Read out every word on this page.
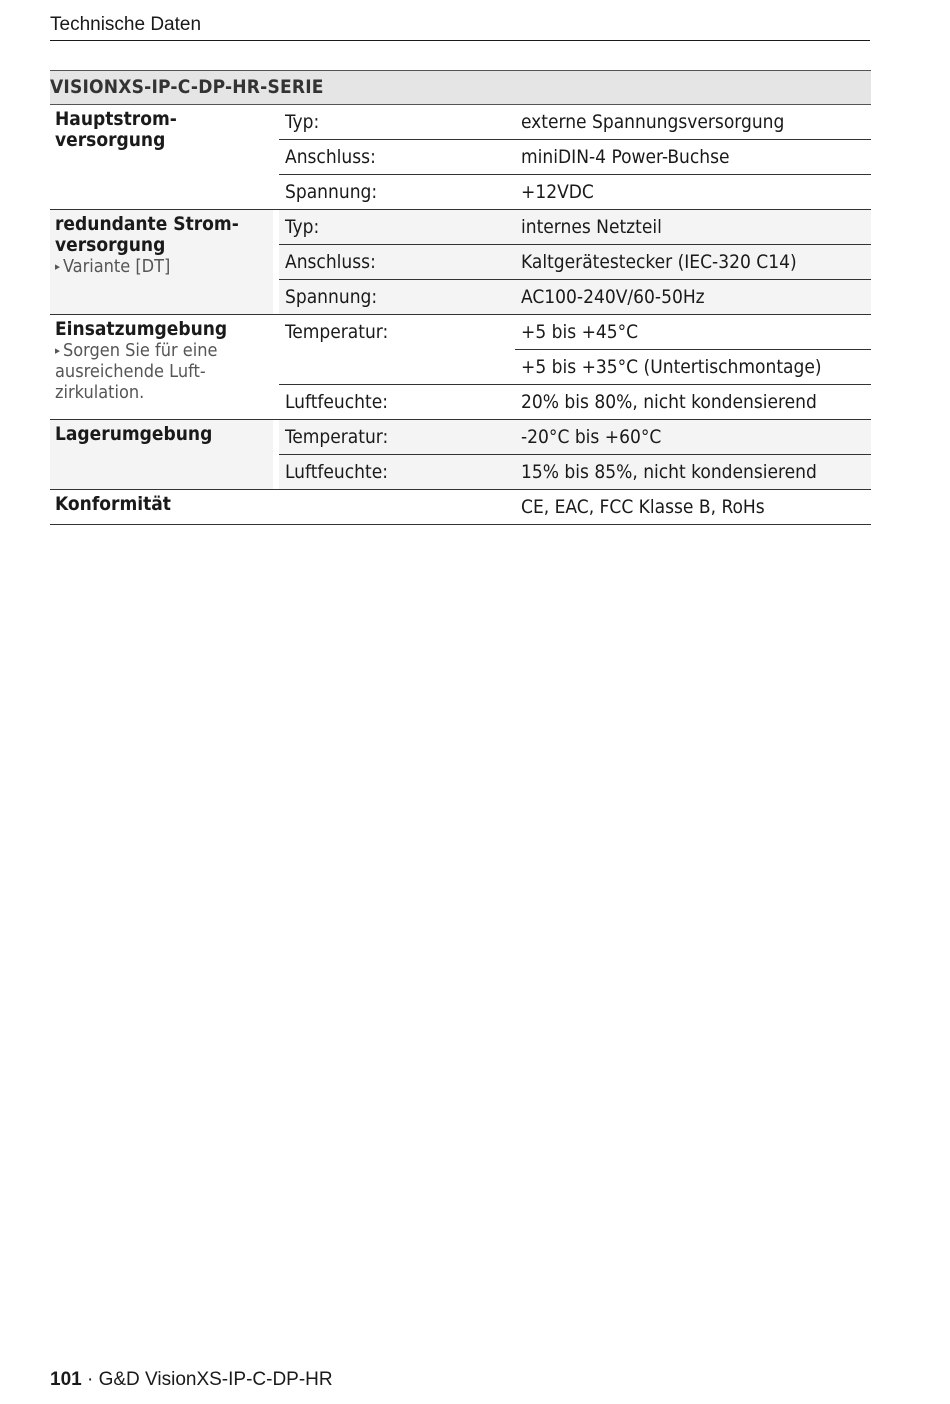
Technische Daten
VISIONXS-IP-C-DP-HR-SERIE			

Hauptstrom-
versorgung		Typ:	externe Spannungsversorgung
		Anschluss:	miniDIN-4 Power-Buchse
		Spannung:	+12VDC

redundante Strom-
versorgung
▸ Variante [DT]		Typ:	internes Netzteil
		Anschluss:	Kaltgerätestecker (IEC-320 C14)
		Spannung:	AC100-240V/60-50Hz

Einsatzumgebung
▸ Sorgen Sie für eine ausreichende Luft-
zirkulation.		Temperatur:	+5 bis +45°C
			+5 bis +35°C (Untertischmontage)
		Luftfeuchte:	20% bis 80%, nicht kondensierend

Lagerumgebung		Temperatur:	-20°C bis +60°C
		Luftfeuchte:	15% bis 85%, nicht kondensierend

Konformität			CE, EAC, FCC Klasse B, RoHs
101 · G&D VisionXS-IP-C-DP-HR
